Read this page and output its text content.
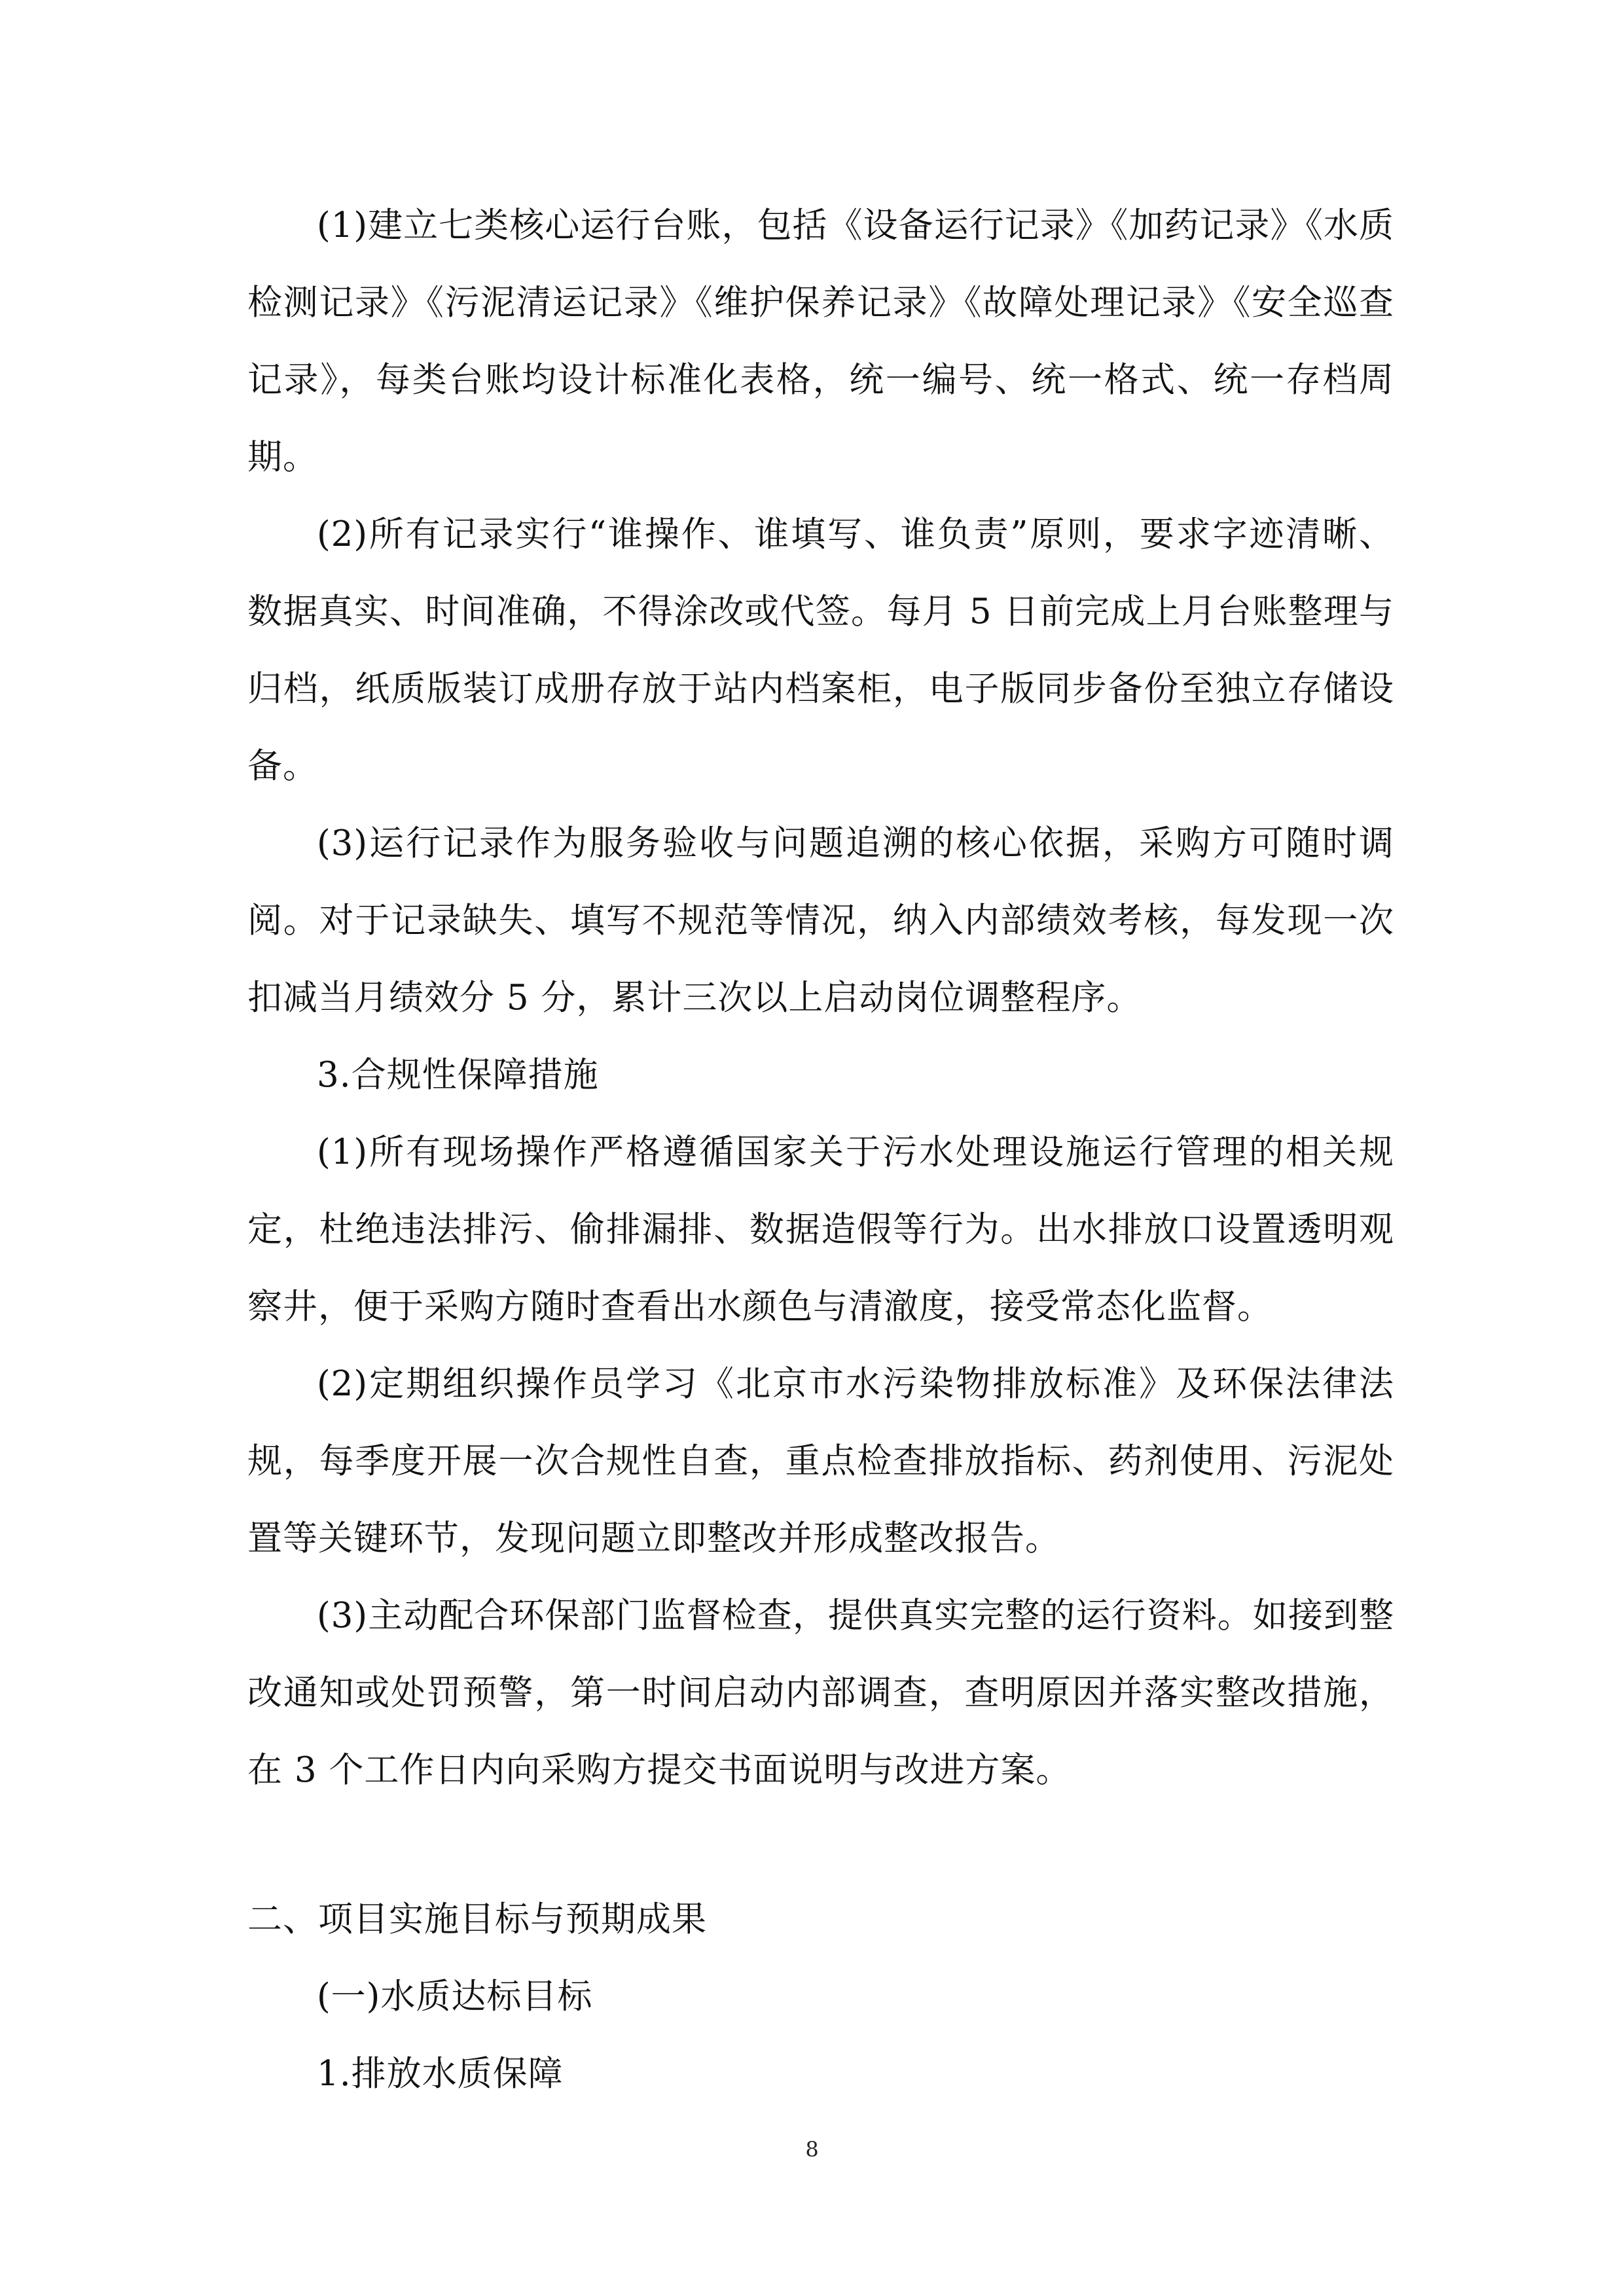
(1)建立七类核心运行台账，包括《设备运行记录》《加药记录》《水质检测记录》《污泥清运记录》《维护保养记录》《故障处理记录》《安全巡查记录》，每类台账均设计标准化表格，统一编号、统一格式、统一存档周期。

(2)所有记录实行“谁操作、谁填写、谁负责”原则，要求字迹清晰、数据真实、时间准确，不得涂改或代签。每月 5 日前完成上月台账整理与归档，纸质版装订成册存放于站内档案柜，电子版同步备份至独立存储设备。

(3)运行记录作为服务验收与问题追溯的核心依据，采购方可随时调阅。对于记录缺失、填写不规范等情况，纳入内部绩效考核，每发现一次扣减当月绩效分 5 分，累计三次以上启动岗位调整程序。

3.合规性保障措施

(1)所有现场操作严格遵循国家关于污水处理设施运行管理的相关规定，杜绝违法排污、偷排漏排、数据造假等行为。出水排放口设置透明观察井，便于采购方随时查看出水颜色与清澈度，接受常态化监督。

(2)定期组织操作员学习《北京市水污染物排放标准》及环保法律法规，每季度开展一次合规性自查，重点检查排放指标、药剂使用、污泥处置等关键环节，发现问题立即整改并形成整改报告。

(3)主动配合环保部门监督检查，提供真实完整的运行资料。如接到整改通知或处罚预警，第一时间启动内部调查，查明原因并落实整改措施，在 3 个工作日内向采购方提交书面说明与改进方案。

二、项目实施目标与预期成果

(一)水质达标目标

1.排放水质保障

8
